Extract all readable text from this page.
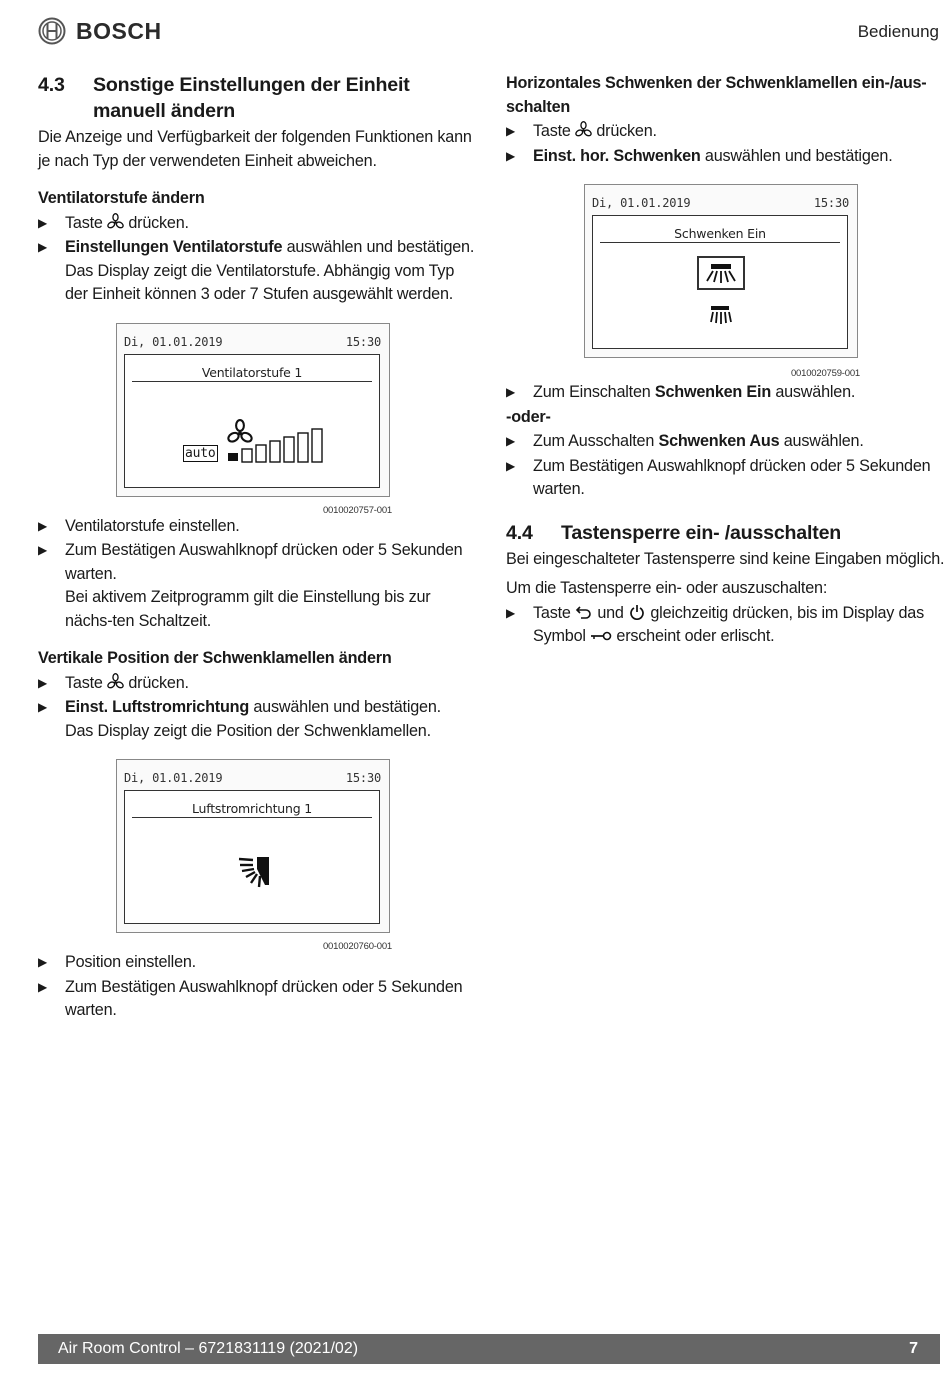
BOSCH	Bedienung
4.3	Sonstige Einstellungen der Einheit manuell ändern

Die Anzeige und Verfügbarkeit der folgenden Funktionen kann je nach Typ der verwendeten Einheit abweichen.

Ventilatorstufe ändern
▶	Taste drücken.
▶	Einstellungen Ventilatorstufe auswählen und bestätigen.
Das Display zeigt die Ventilatorstufe. Abhängig vom Typ der Einheit können 3 oder 7 Stufen ausgewählt werden.
Di, 01.01.2019	15:30
Ventilatorstufe 1
auto
0010020757-001
▶	Ventilatorstufe einstellen.
▶	Zum Bestätigen Auswahlknopf drücken oder 5 Sekunden warten.
Bei aktivem Zeitprogramm gilt die Einstellung bis zur nächs-ten Schaltzeit.
Vertikale Position der Schwenklamellen ändern
▶	Taste drücken.
▶	Einst. Luftstromrichtung auswählen und bestätigen.
Das Display zeigt die Position der Schwenklamellen.
Di, 01.01.2019	15:30
Luftstromrichtung 1
0010020760-001
▶	Position einstellen.
▶	Zum Bestätigen Auswahlknopf drücken oder 5 Sekunden warten.
Horizontales Schwenken der Schwenklamellen ein-/aus-schalten
▶	Taste drücken.
▶	Einst. hor. Schwenken auswählen und bestätigen.
Di, 01.01.2019	15:30
Schwenken Ein
0010020759-001
▶	Zum Einschalten Schwenken Ein auswählen.
-oder-
▶	Zum Ausschalten Schwenken Aus auswählen.
▶	Zum Bestätigen Auswahlknopf drücken oder 5 Sekunden warten.
4.4	Tastensperre ein- /ausschalten

Bei eingeschalteter Tastensperre sind keine Eingaben möglich.

Um die Tastensperre ein- oder auszuschalten:

▶	Taste und gleichzeitig drücken, bis im Display das Symbol erscheint oder erlischt.
Air Room Control – 6721831119 (2021/02)	7
